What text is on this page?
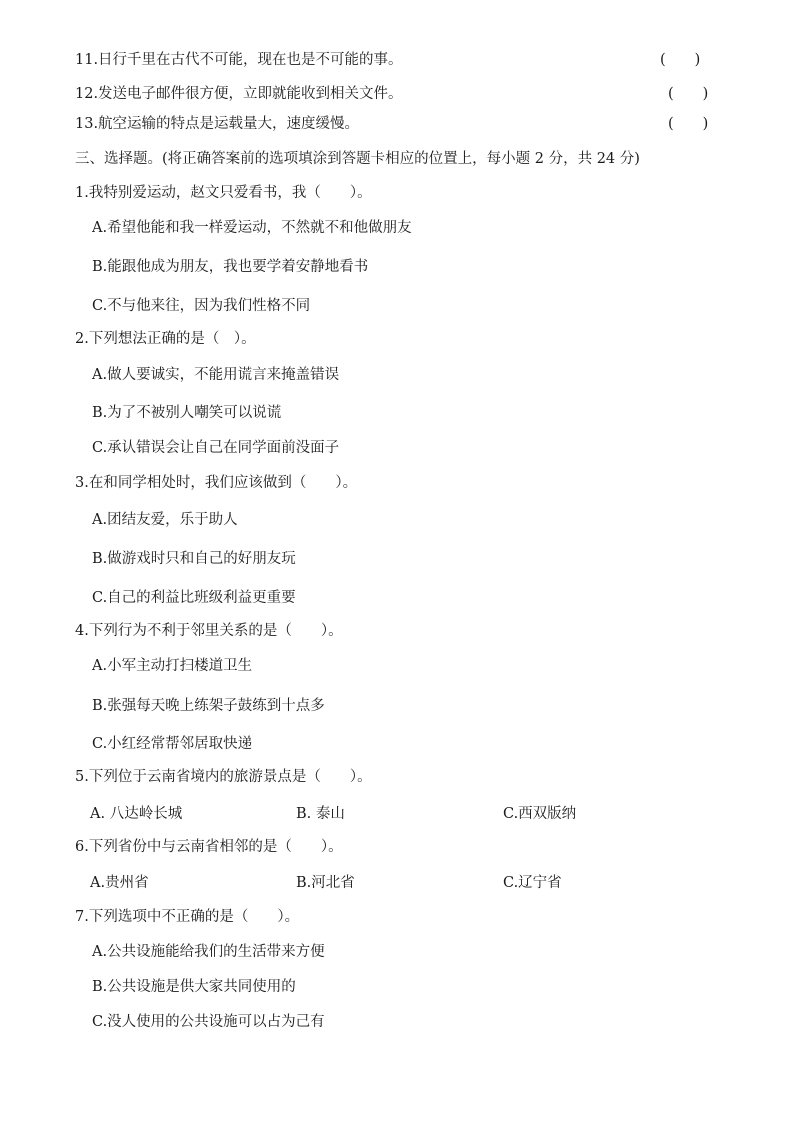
11.日行千里在古代不可能，现在也是不可能的事。	(　　)
12.发送电子邮件很方便，立即就能收到相关文件。	(　　)
13.航空运输的特点是运载量大，速度缓慢。	(　　)
三、选择题。(将正确答案前的选项填涂到答题卡相应的位置上，每小题 2 分，共 24 分)
1.我特别爱运动，赵文只爱看书，我（　　）。
A.希望他能和我一样爱运动，不然就不和他做朋友
B.能跟他成为朋友，我也要学着安静地看书
C.不与他来往，因为我们性格不同
2.下列想法正确的是（　）。
A.做人要诚实，不能用谎言来掩盖错误
B.为了不被别人嘲笑可以说谎
C.承认错误会让自己在同学面前没面子
3.在和同学相处时，我们应该做到（　　）。
A.团结友爱，乐于助人
B.做游戏时只和自己的好朋友玩
C.自己的利益比班级利益更重要
4.下列行为不利于邻里关系的是（　　）。
A.小军主动打扫楼道卫生
B.张强每天晚上练架子鼓练到十点多
C.小红经常帮邻居取快递
5.下列位于云南省境内的旅游景点是（　　）。
A. 八达岭长城	B. 泰山	C.西双版纳
6.下列省份中与云南省相邻的是（　　）。
A.贵州省	B.河北省	C.辽宁省
7.下列选项中不正确的是（　　）。
A.公共设施能给我们的生活带来方便
B.公共设施是供大家共同使用的
C.没人使用的公共设施可以占为己有
